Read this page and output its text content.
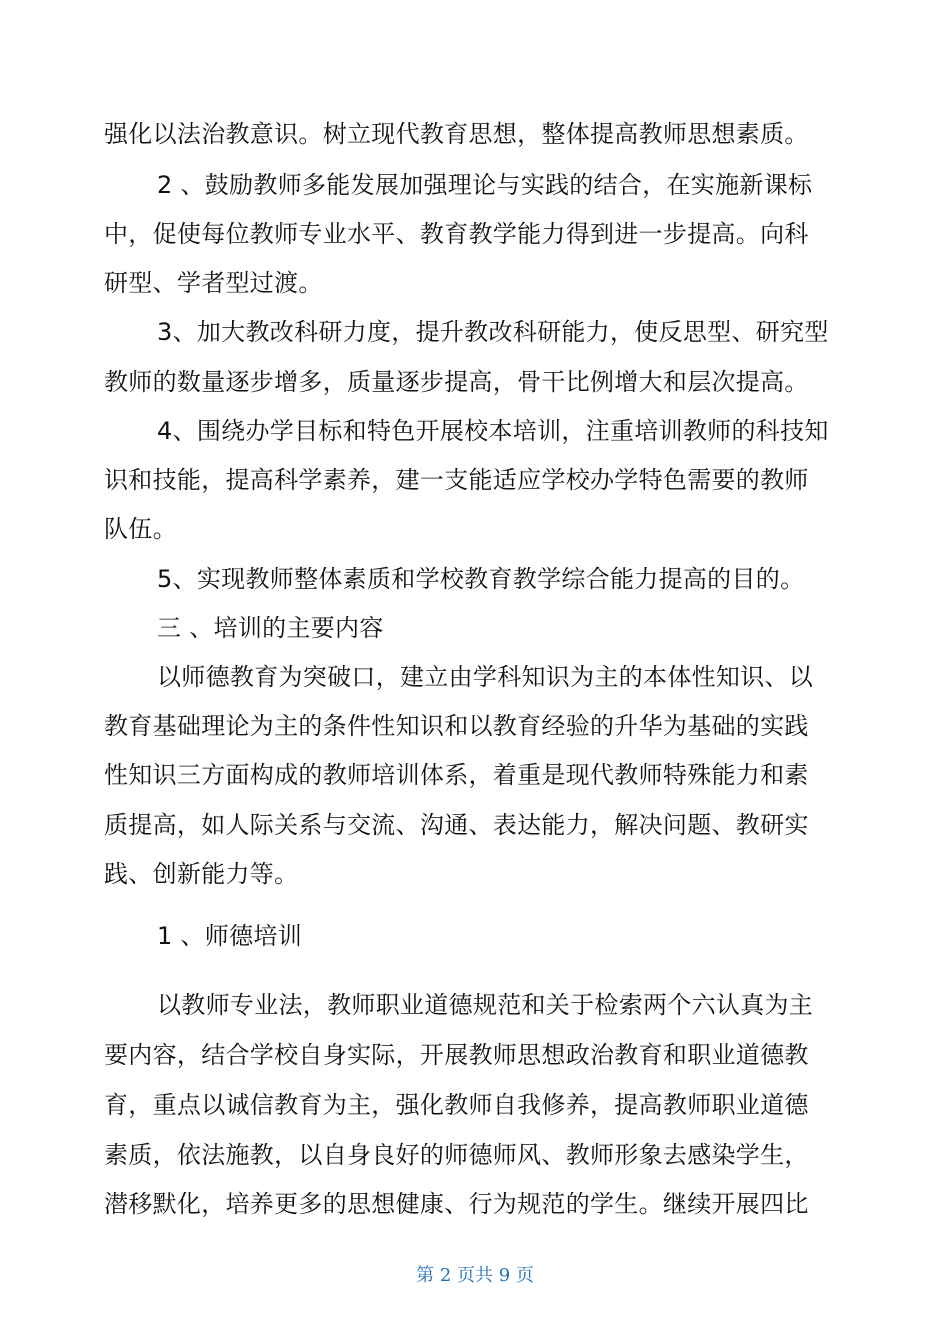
强化以法治教意识。树立现代教育思想，整体提高教师思想素质。
2 、鼓励教师多能发展加强理论与实践的结合，在实施新课标
中，促使每位教师专业水平、教育教学能力得到进一步提高。向科
研型、学者型过渡。
3、加大教改科研力度，提升教改科研能力，使反思型、研究型
教师的数量逐步增多，质量逐步提高，骨干比例增大和层次提高。
4、围绕办学目标和特色开展校本培训，注重培训教师的科技知
识和技能，提高科学素养，建一支能适应学校办学特色需要的教师
队伍。
5、实现教师整体素质和学校教育教学综合能力提高的目的。
三 、培训的主要内容
以师德教育为突破口，建立由学科知识为主的本体性知识、以
教育基础理论为主的条件性知识和以教育经验的升华为基础的实践
性知识三方面构成的教师培训体系，着重是现代教师特殊能力和素
质提高，如人际关系与交流、沟通、表达能力，解决问题、教研实
践、创新能力等。
1 、师德培训
以教师专业法，教师职业道德规范和关于检索两个六认真为主
要内容，结合学校自身实际，开展教师思想政治教育和职业道德教
育，重点以诚信教育为主，强化教师自我修养，提高教师职业道德
素质，依法施教，以自身良好的师德师风、教师形象去感染学生，
潜移默化，培养更多的思想健康、行为规范的学生。继续开展四比
第 2 页共 9 页
